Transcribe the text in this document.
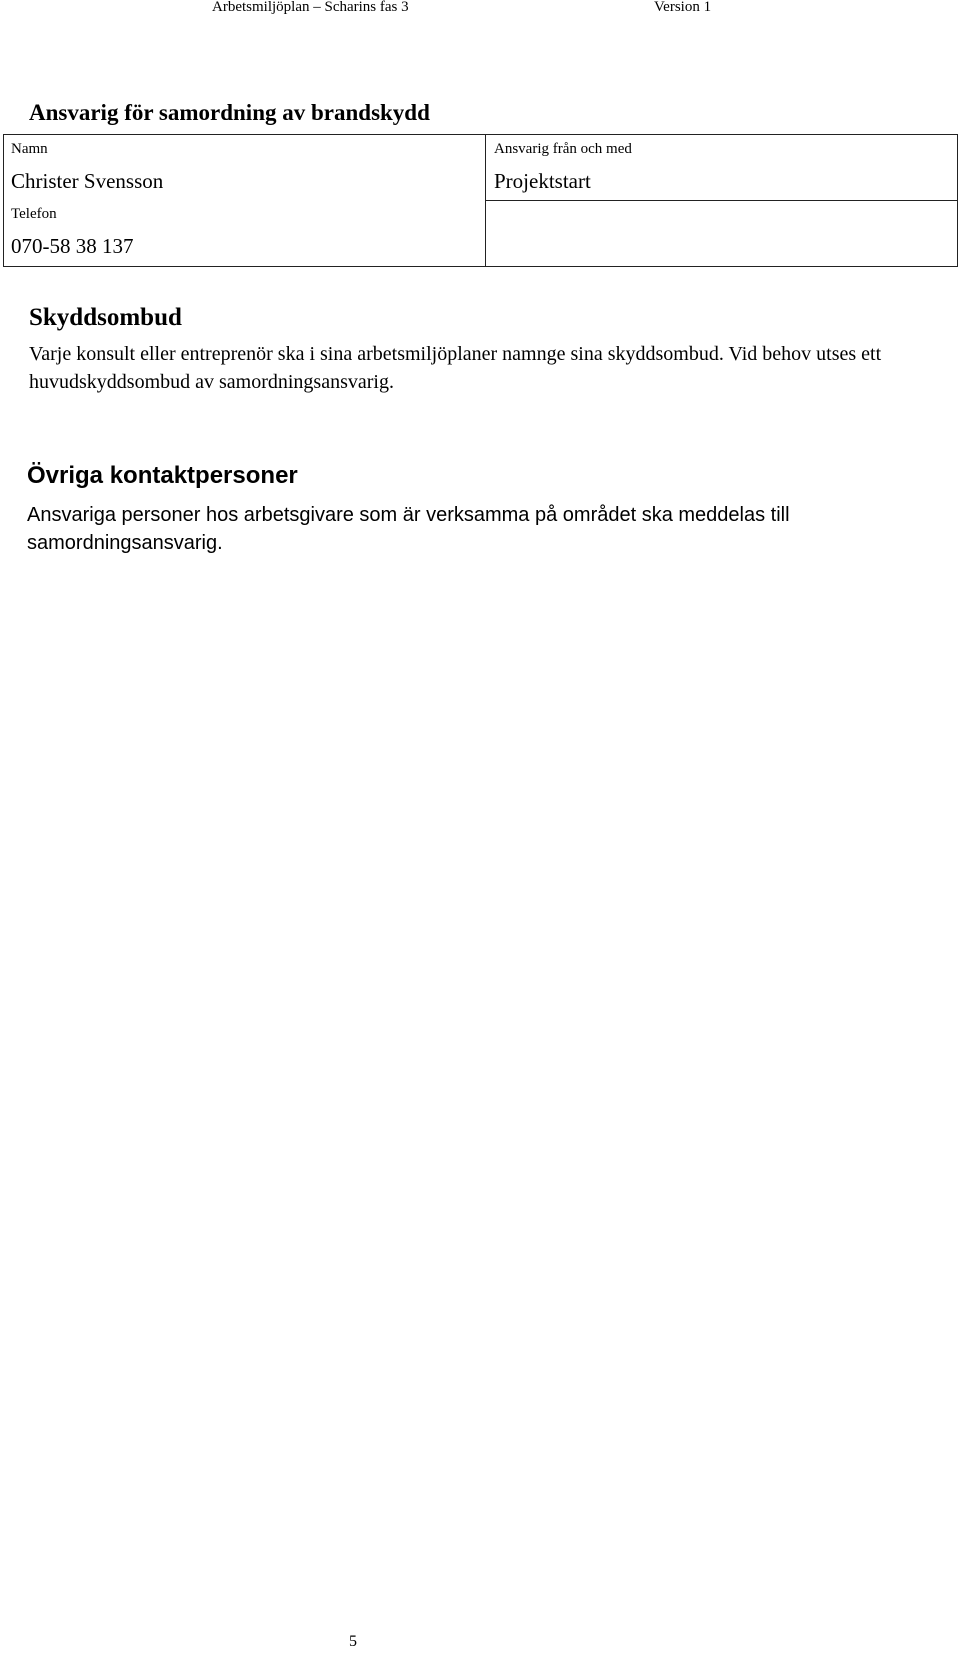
Arbetsmiljöplan – Scharins fas 3	Version 1
Ansvarig för samordning av brandskydd
Namn
Christer Svensson
Telefon
070-58 38 137
Ansvarig från och med
Projektstart
Skyddsombud
Varje konsult eller entreprenör ska i sina arbetsmiljöplaner namnge sina skyddsombud. Vid behov utses ett huvudskyddsombud av samordningsansvarig.
Övriga kontaktpersoner
Ansvariga personer hos arbetsgivare som är verksamma på området ska meddelas till samordningsansvarig.
5
